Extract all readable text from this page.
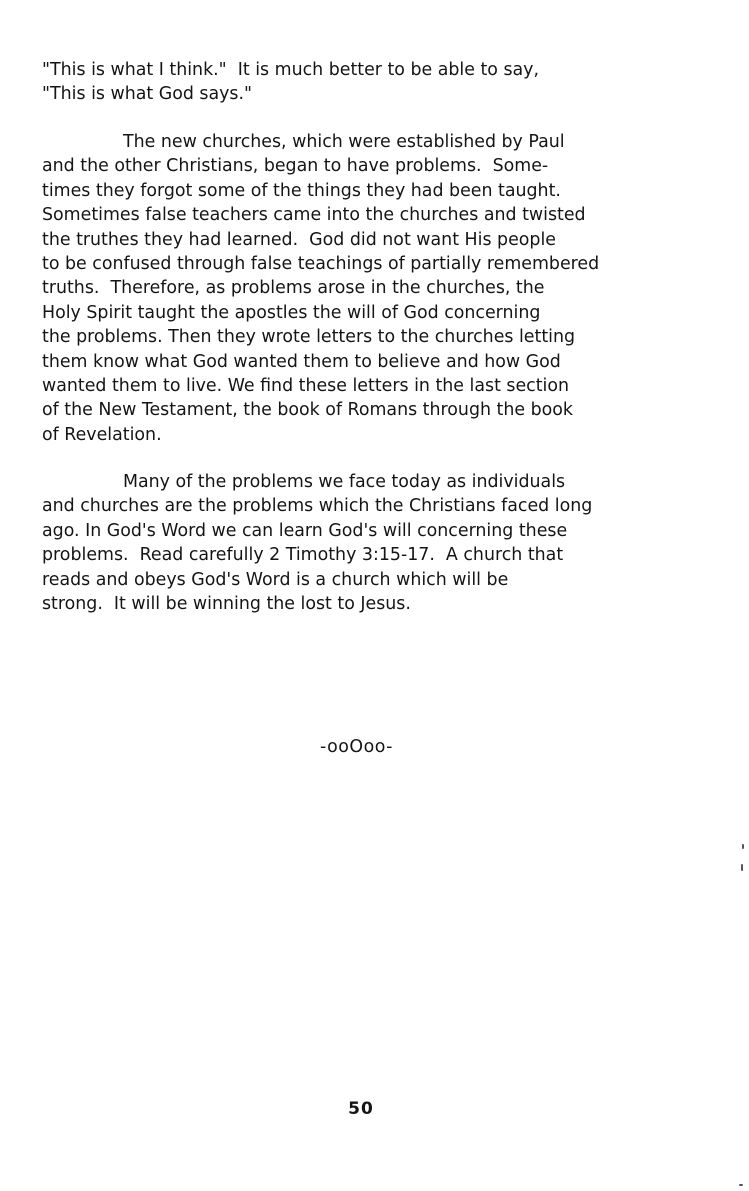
"This is what I think."  It is much better to be able to say,
"This is what God says."
The new churches, which were established by Paul
and the other Christians, began to have problems.  Some-
times they forgot some of the things they had been taught.
Sometimes false teachers came into the churches and twisted
the truthes they had learned.  God did not want His people
to be confused through false teachings of partially remembered
truths.  Therefore, as problems arose in the churches, the
Holy Spirit taught the apostles the will of God concerning
the problems. Then they wrote letters to the churches letting
them know what God wanted them to believe and how God
wanted them to live. We find these letters in the last section
of the New Testament, the book of Romans through the book
of Revelation.
Many of the problems we face today as individuals
and churches are the problems which the Christians faced long
ago. In God's Word we can learn God's will concerning these
problems.  Read carefully 2 Timothy 3:15-17.  A church that
reads and obeys God's Word is a church which will be
strong.  It will be winning the lost to Jesus.
-ooOoo-
50
